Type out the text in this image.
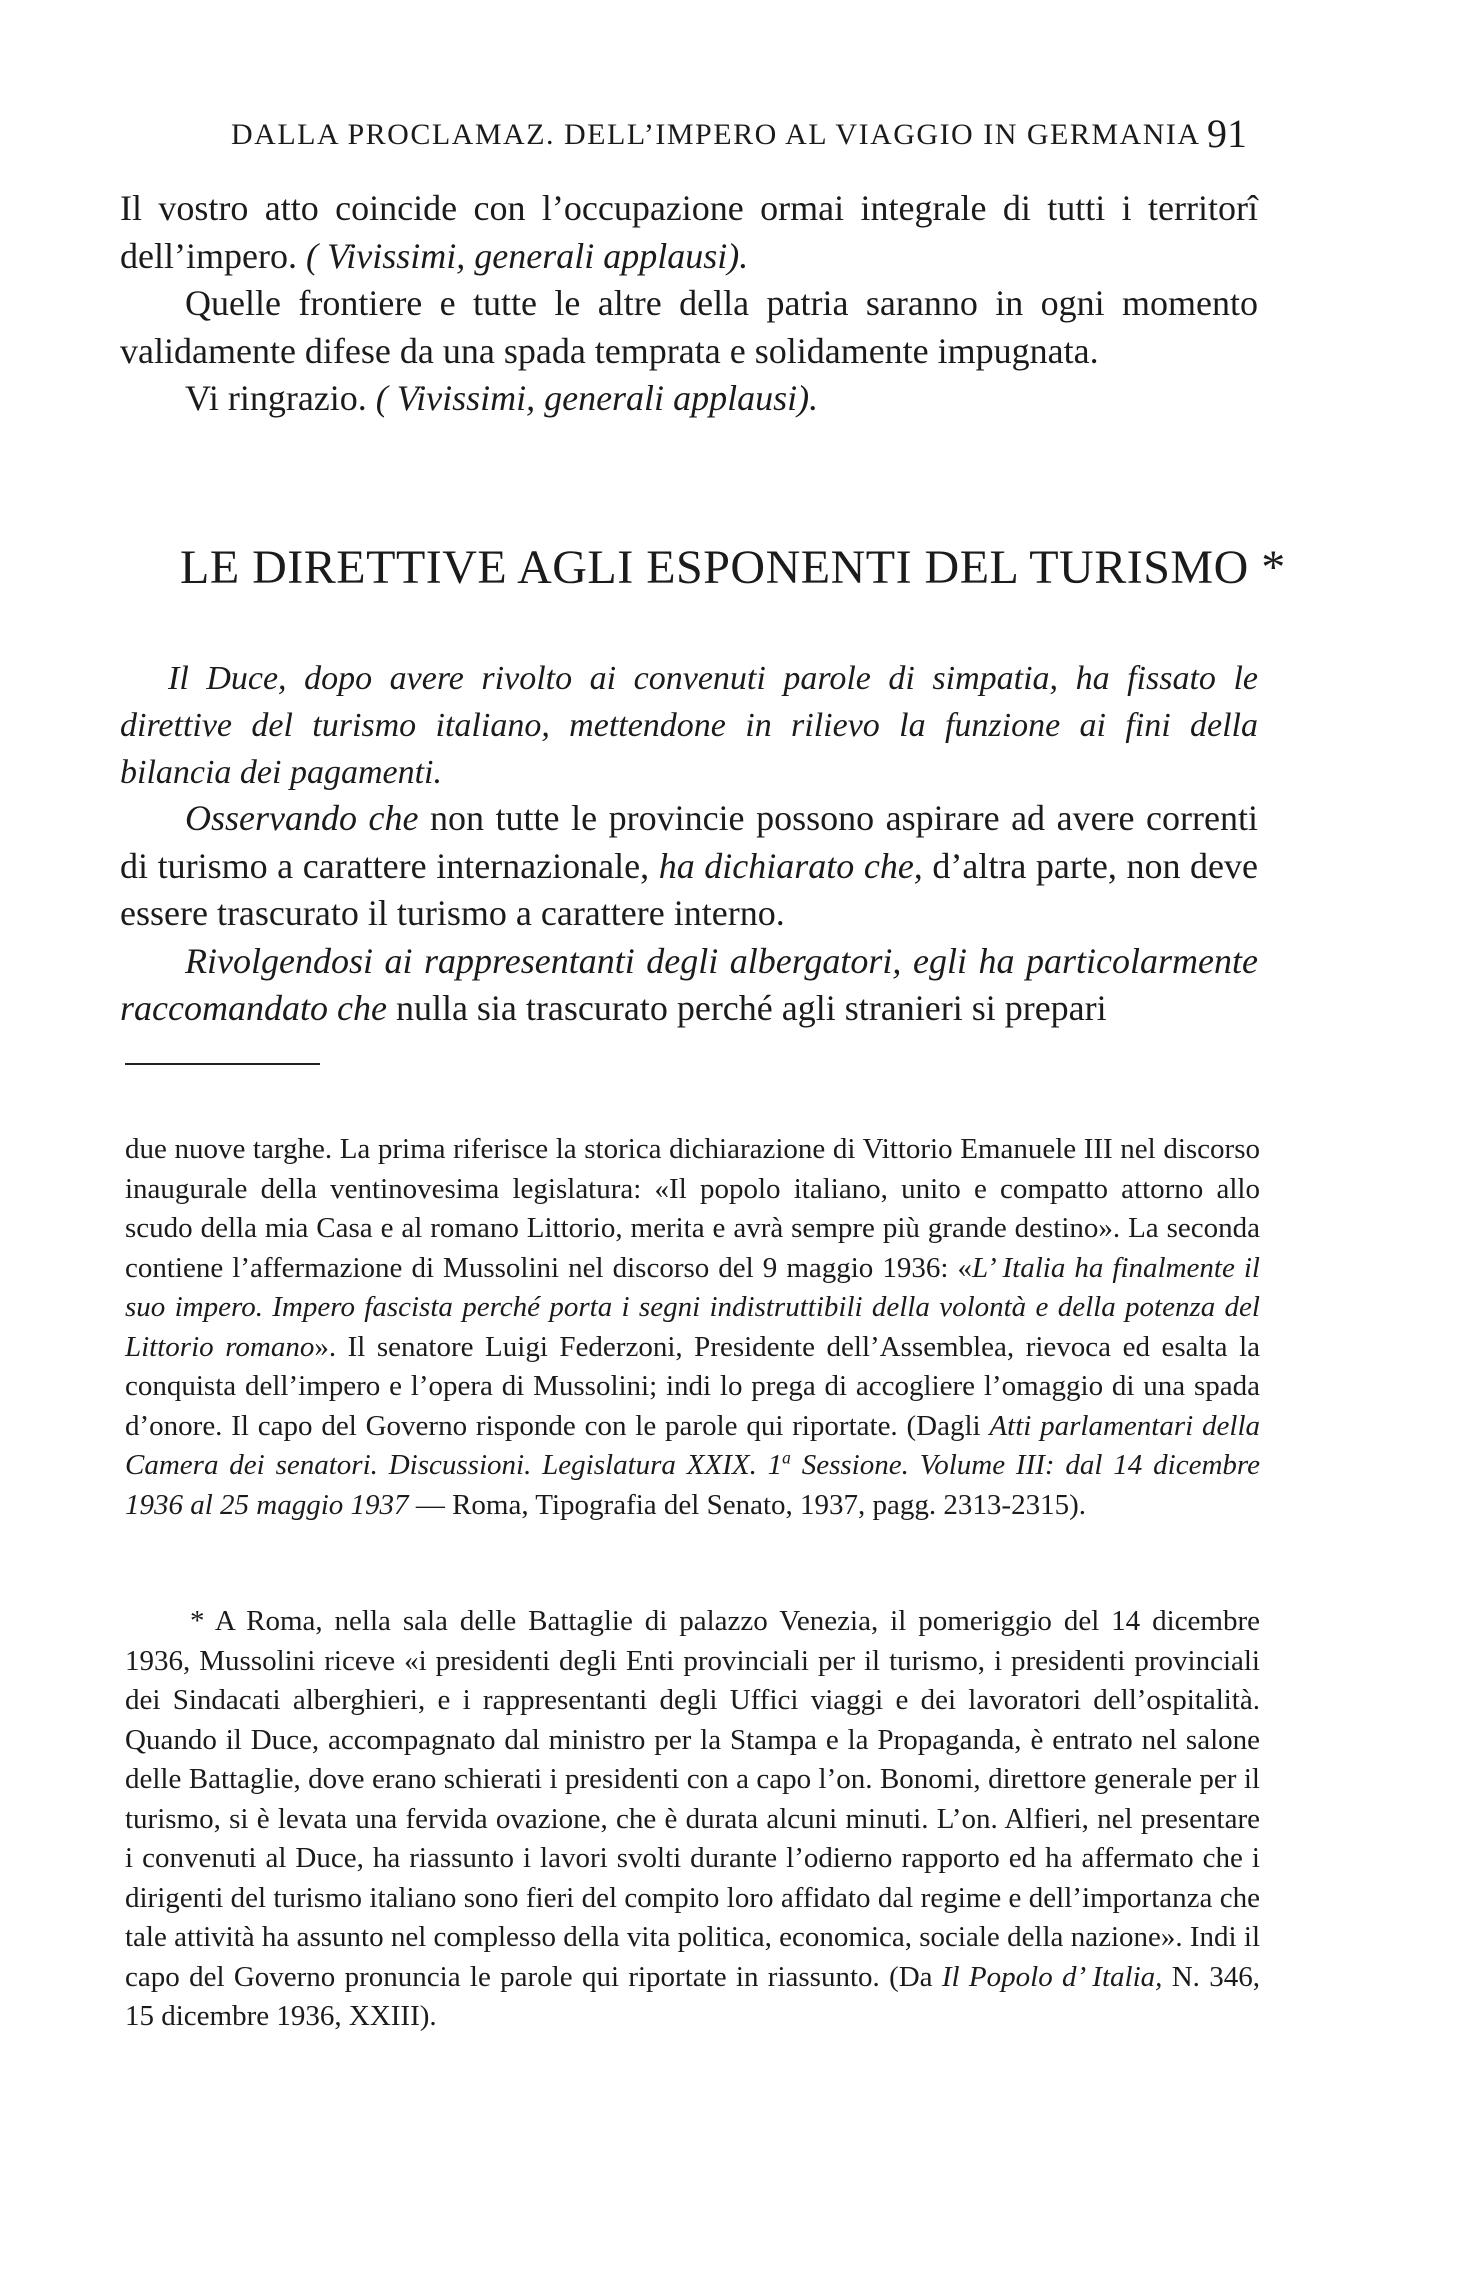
DALLA PROCLAMAZ. DELL’IMPERO AL VIAGGIO IN GERMANIA 91

Il vostro atto coincide con l’occupazione ormai integrale di tutti i territorî dell’impero. ( Vivissimi, generali applausi).

Quelle frontiere e tutte le altre della patria saranno in ogni momento validamente difese da una spada temprata e solidamente impugnata.

Vi ringrazio. ( Vivissimi, generali applausi).

LE DIRETTIVE AGLI ESPONENTI DEL TURISMO *

Il Duce, dopo avere rivolto ai convenuti parole di simpatia, ha fissato le direttive del turismo italiano, mettendone in rilievo la funzione ai fini della bilancia dei pagamenti.

Osservando che non tutte le provincie possono aspirare ad avere correnti di turismo a carattere internazionale, ha dichiarato che, d’altra parte, non deve essere trascurato il turismo a carattere interno.

Rivolgendosi ai rappresentanti degli albergatori, egli ha particolarmente raccomandato che nulla sia trascurato perché agli stranieri si prepari

due nuove targhe. La prima riferisce la storica dichiarazione di Vittorio Emanuele III nel discorso inaugurale della ventinovesima legislatura: «Il popolo italiano, unito e compatto attorno allo scudo della mia Casa e al romano Littorio, merita e avrà sempre più grande destino». La seconda contiene l’affermazione di Mussolini nel discorso del 9 maggio 1936: «L’ Italia ha finalmente il suo impero. Impero fascista perché porta i segni indistruttibili della volontà e della potenza del Littorio romano». Il senatore Luigi Federzoni, Presidente dell’Assemblea, rievoca ed esalta la conquista dell’impero e l’opera di Mussolini; indi lo prega di accogliere l’omaggio di una spada d’onore. Il capo del Governo risponde con le parole qui riportate. (Dagli Atti parlamentari della Camera dei senatori. Discussioni. Legislatura XXIX. 1$^a$ Sessione. Volume III: dal 14 dicembre 1936 al 25 maggio 1937 — Roma, Tipografia del Senato, 1937, pagg. 2313-2315).

* A Roma, nella sala delle Battaglie di palazzo Venezia, il pomeriggio del 14 dicembre 1936, Mussolini riceve «i presidenti degli Enti provinciali per il turismo, i presidenti provinciali dei Sindacati alberghieri, e i rappresentanti degli Uffici viaggi e dei lavoratori dell’ospitalità. Quando il Duce, accompagnato dal ministro per la Stampa e la Propaganda, è entrato nel salone delle Battaglie, dove erano schierati i presidenti con a capo l’on. Bonomi, direttore generale per il turismo, si è levata una fervida ovazione, che è durata alcuni minuti. L’on. Alfieri, nel presentare i convenuti al Duce, ha riassunto i lavori svolti durante l’odierno rapporto ed ha affermato che i dirigenti del turismo italiano sono fieri del compito loro affidato dal regime e dell’importanza che tale attività ha assunto nel complesso della vita politica, economica, sociale della nazione». Indi il capo del Governo pronuncia le parole qui riportate in riassunto. (Da Il Popolo d’ Italia, N. 346, 15 dicembre 1936, XXIII).
